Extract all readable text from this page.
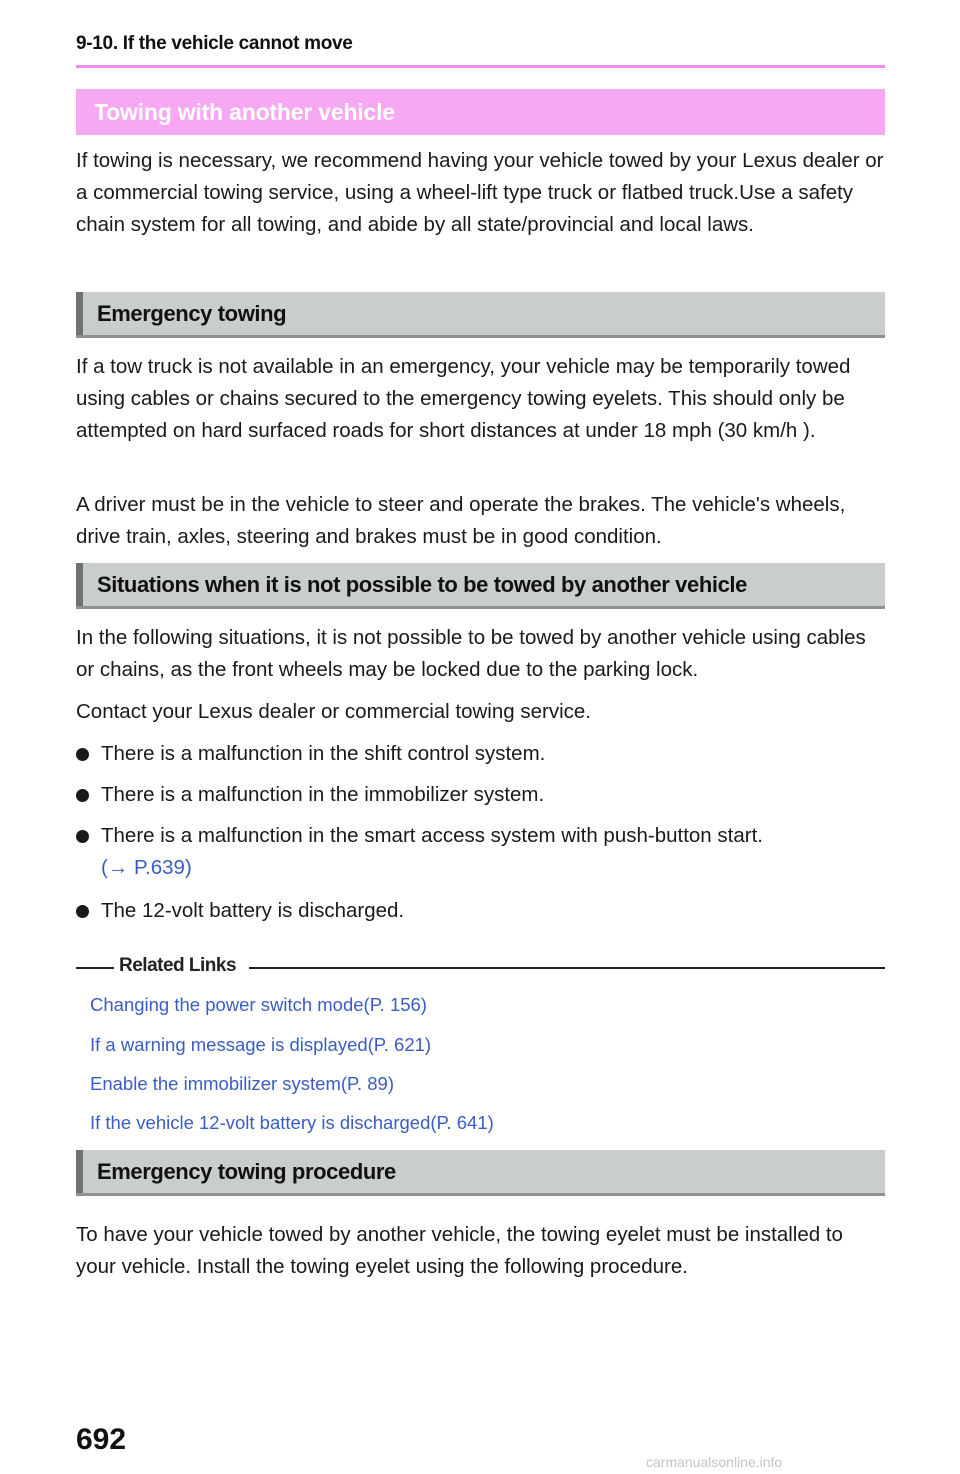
9-10. If the vehicle cannot move
Towing with another vehicle

If towing is necessary, we recommend having your vehicle towed by your Lexus dealer or a commercial towing service, using a wheel-lift type truck or flatbed truck.Use a safety chain system for all towing, and abide by all state/provincial and local laws.

Emergency towing

If a tow truck is not available in an emergency, your vehicle may be temporarily towed using cables or chains secured to the emergency towing eyelets. This should only be attempted on hard surfaced roads for short distances at under 18 mph (30 km/h ).

A driver must be in the vehicle to steer and operate the brakes. The vehicle's wheels, drive train, axles, steering and brakes must be in good condition.

Situations when it is not possible to be towed by another vehicle

In the following situations, it is not possible to be towed by another vehicle using cables or chains, as the front wheels may be locked due to the parking lock.

Contact your Lexus dealer or commercial towing service.

There is a malfunction in the shift control system.
There is a malfunction in the immobilizer system.
There is a malfunction in the smart access system with push-button start.
(→ P.639)
The 12-volt battery is discharged.
Related Links
Changing the power switch mode(P. 156)
If a warning message is displayed(P. 621)
Enable the immobilizer system(P. 89)
If the vehicle 12-volt battery is discharged(P. 641)
Emergency towing procedure

To have your vehicle towed by another vehicle, the towing eyelet must be installed to your vehicle. Install the towing eyelet using the following procedure.

692
carmanualsonline.info
